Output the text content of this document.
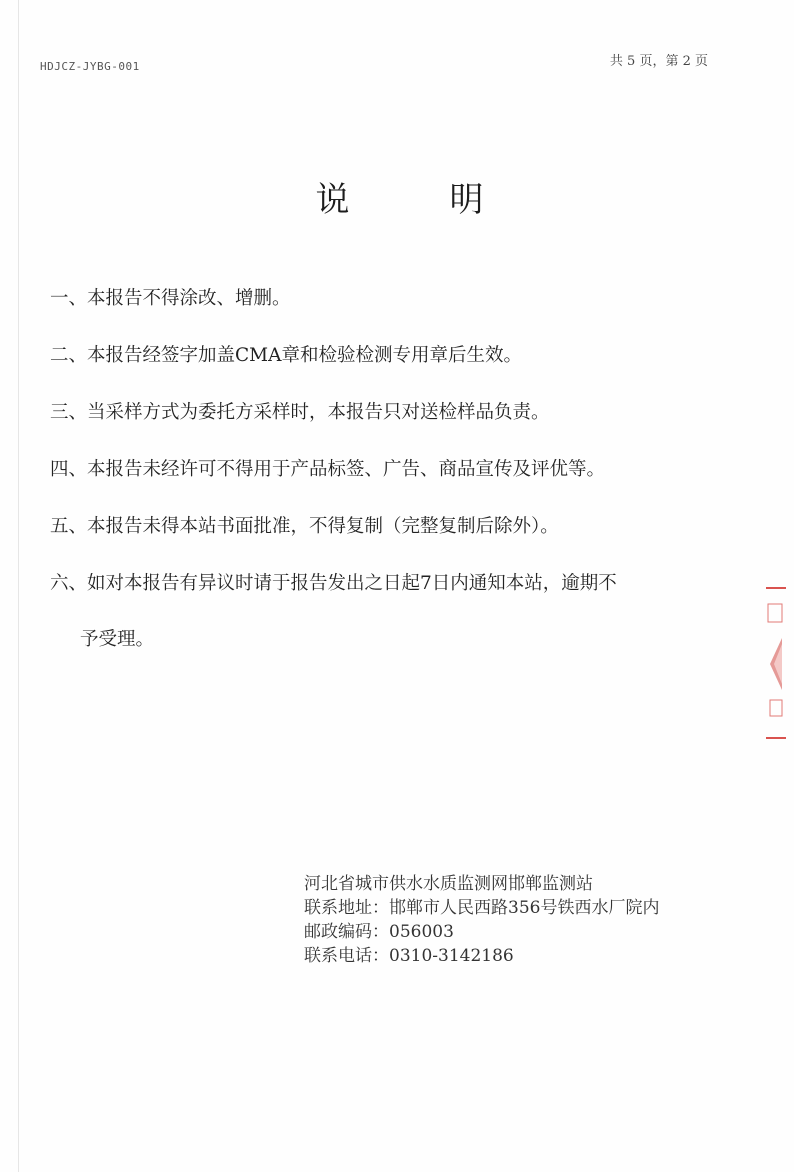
HDJCZ-JYBG-001	共 5 页，第 2 页
说	明
一、本报告不得涂改、增删。
二、本报告经签字加盖CMA章和检验检测专用章后生效。
三、当采样方式为委托方采样时，本报告只对送检样品负责。
四、本报告未经许可不得用于产品标签、广告、商品宣传及评优等。
五、本报告未得本站书面批准，不得复制（完整复制后除外）。
六、如对本报告有异议时请于报告发出之日起7日内通知本站，逾期不
予受理。
河北省城市供水水质监测网邯郸监测站
联系地址：邯郸市人民西路356号铁西水厂院内
邮政编码：056003
联系电话：0310-3142186
